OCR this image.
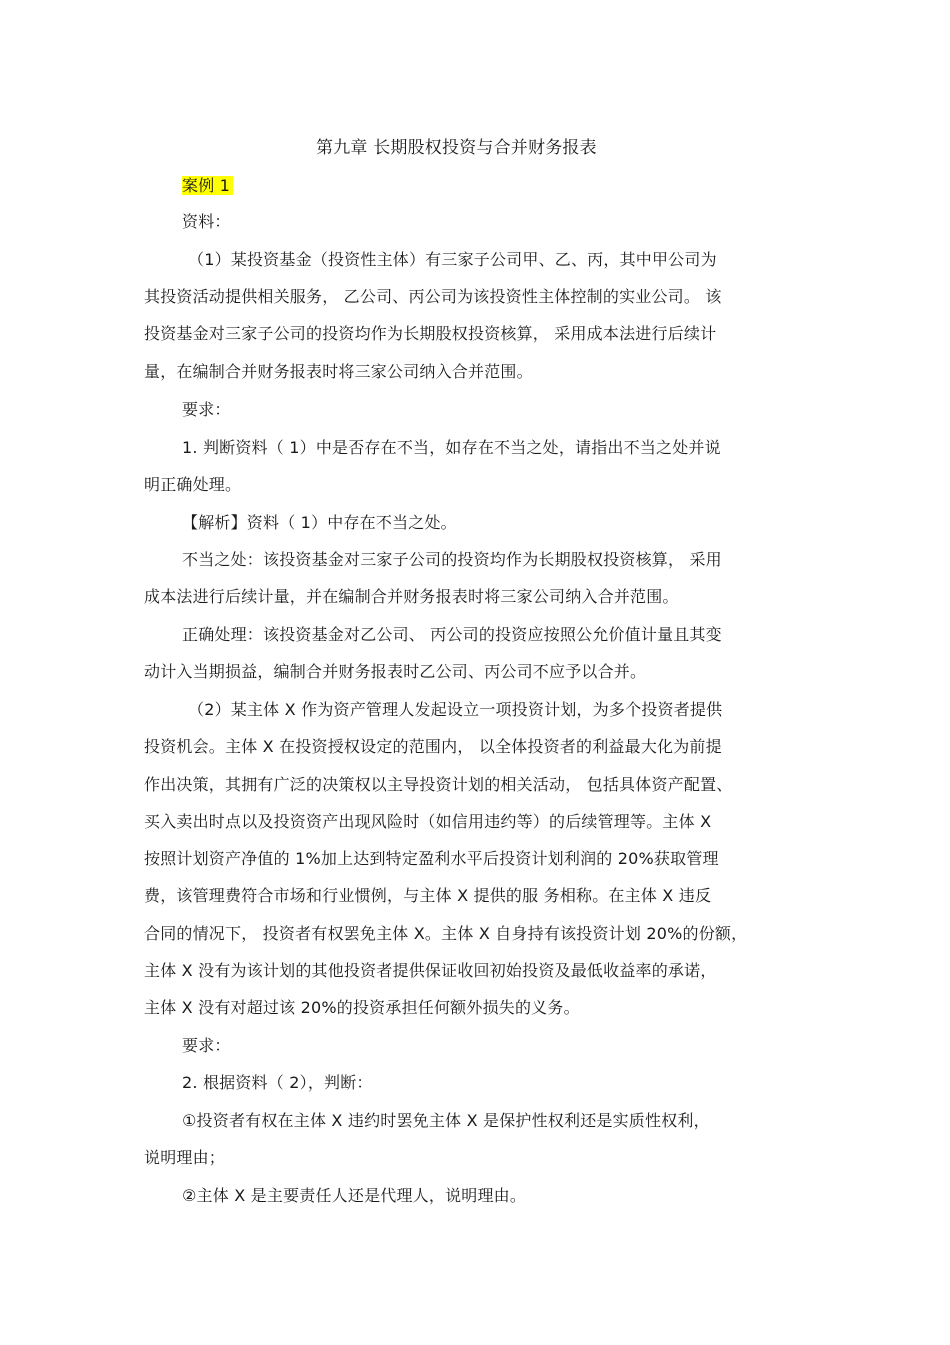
第九章 长期股权投资与合并财务报表
案例 1
资料：
（1）某投资基金（投资性主体）有三家子公司甲、乙、丙，其中甲公司为
其投资活动提供相关服务， 乙公司、丙公司为该投资性主体控制的实业公司。 该
投资基金对三家子公司的投资均作为长期股权投资核算， 采用成本法进行后续计
量，在编制合并财务报表时将三家公司纳入合并范围。
要求：
1. 判断资料（ 1）中是否存在不当，如存在不当之处，请指出不当之处并说
明正确处理。
【解析】资料（ 1）中存在不当之处。
不当之处：该投资基金对三家子公司的投资均作为长期股权投资核算， 采用
成本法进行后续计量，并在编制合并财务报表时将三家公司纳入合并范围。
正确处理：该投资基金对乙公司、 丙公司的投资应按照公允价值计量且其变
动计入当期损益，编制合并财务报表时乙公司、丙公司不应予以合并。
（2）某主体 X 作为资产管理人发起设立一项投资计划，为多个投资者提供
投资机会。主体 X 在投资授权设定的范围内， 以全体投资者的利益最大化为前提
作出决策，其拥有广泛的决策权以主导投资计划的相关活动， 包括具体资产配置、
买入卖出时点以及投资资产出现风险时（如信用违约等）的后续管理等。主体 X
按照计划资产净值的 1%加上达到特定盈利水平后投资计划利润的 20%获取管理
费，该管理费符合市场和行业惯例，与主体 X 提供的服 务相称。在主体 X 违反
合同的情况下， 投资者有权罢免主体 X。主体 X 自身持有该投资计划 20%的份额，
主体 X 没有为该计划的其他投资者提供保证收回初始投资及最低收益率的承诺，
主体 X 没有对超过该 20%的投资承担任何额外损失的义务。
要求：
2. 根据资料（ 2），判断：
①投资者有权在主体 X 违约时罢免主体 X 是保护性权利还是实质性权利，
说明理由；
②主体 X 是主要责任人还是代理人，说明理由。
